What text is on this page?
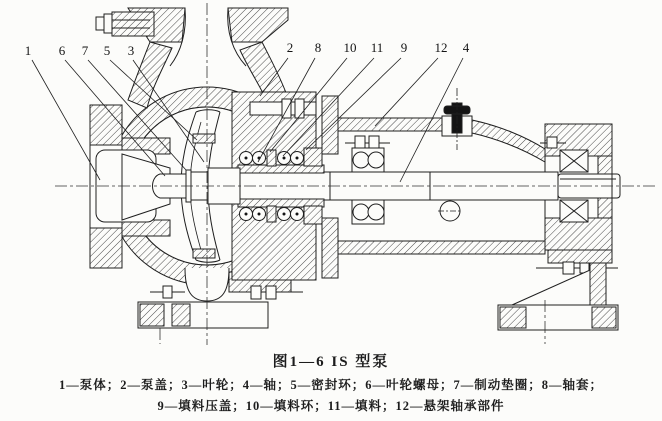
1 6 7 5 3	2 8 10 11 9 12 4
图1—6 IS 型泵
1—泵体；2—泵盖；3—叶轮；4—轴；5—密封环；6—叶轮螺母；7—制动垫圈；8—轴套；
9—填料压盖；10—填料环；11—填料；12—悬架轴承部件
